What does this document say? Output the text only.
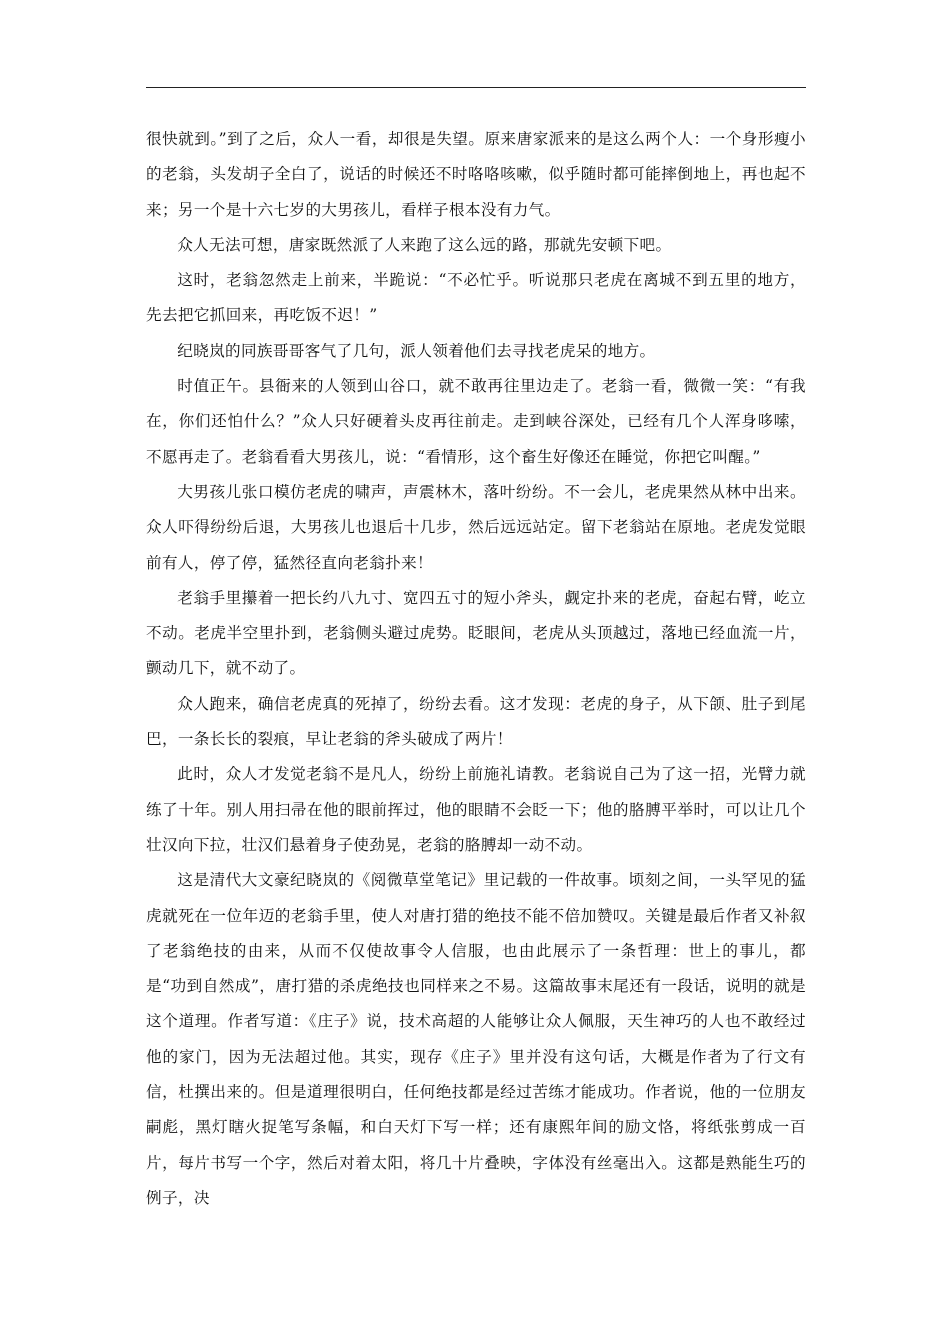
很快就到。”到了之后，众人一看，却很是失望。原来唐家派来的是这么两个人：一个身形瘦小的老翁，头发胡子全白了，说话的时候还不时咯咯咳嗽，似乎随时都可能摔倒地上，再也起不来；另一个是十六七岁的大男孩儿，看样子根本没有力气。

众人无法可想，唐家既然派了人来跑了这么远的路，那就先安顿下吧。

这时，老翁忽然走上前来，半跪说：“不必忙乎。听说那只老虎在离城不到五里的地方，先去把它抓回来，再吃饭不迟！”

纪晓岚的同族哥哥客气了几句，派人领着他们去寻找老虎呆的地方。

时值正午。县衙来的人领到山谷口，就不敢再往里边走了。老翁一看，微微一笑：“有我在，你们还怕什么？”众人只好硬着头皮再往前走。走到峡谷深处，已经有几个人浑身哆嗦，不愿再走了。老翁看看大男孩儿，说：“看情形，这个畜生好像还在睡觉，你把它叫醒。”

大男孩儿张口模仿老虎的啸声，声震林木，落叶纷纷。不一会儿，老虎果然从林中出来。众人吓得纷纷后退，大男孩儿也退后十几步，然后远远站定。留下老翁站在原地。老虎发觉眼前有人，停了停，猛然径直向老翁扑来！

老翁手里攥着一把长约八九寸、宽四五寸的短小斧头，觑定扑来的老虎，奋起右臂，屹立不动。老虎半空里扑到，老翁侧头避过虎势。眨眼间，老虎从头顶越过，落地已经血流一片，颤动几下，就不动了。

众人跑来，确信老虎真的死掉了，纷纷去看。这才发现：老虎的身子，从下颌、肚子到尾巴，一条长长的裂痕，早让老翁的斧头破成了两片！

此时，众人才发觉老翁不是凡人，纷纷上前施礼请教。老翁说自己为了这一招，光臂力就练了十年。别人用扫帚在他的眼前挥过，他的眼睛不会眨一下；他的胳膊平举时，可以让几个壮汉向下拉，壮汉们悬着身子使劲晃，老翁的胳膊却一动不动。

这是清代大文豪纪晓岚的《阅微草堂笔记》里记载的一件故事。顷刻之间，一头罕见的猛虎就死在一位年迈的老翁手里，使人对唐打猎的绝技不能不倍加赞叹。关键是最后作者又补叙了老翁绝技的由来，从而不仅使故事令人信服，也由此展示了一条哲理：世上的事儿，都是“功到自然成”，唐打猎的杀虎绝技也同样来之不易。这篇故事末尾还有一段话，说明的就是这个道理。作者写道：《庄子》说，技术高超的人能够让众人佩服，天生神巧的人也不敢经过他的家门，因为无法超过他。其实，现存《庄子》里并没有这句话，大概是作者为了行文有信，杜撰出来的。但是道理很明白，任何绝技都是经过苦练才能成功。作者说，他的一位朋友嗣彪，黑灯瞎火捉笔写条幅，和白天灯下写一样；还有康熙年间的励文恪，将纸张剪成一百片，每片书写一个字，然后对着太阳，将几十片叠映，字体没有丝毫出入。这都是熟能生巧的例子，决
